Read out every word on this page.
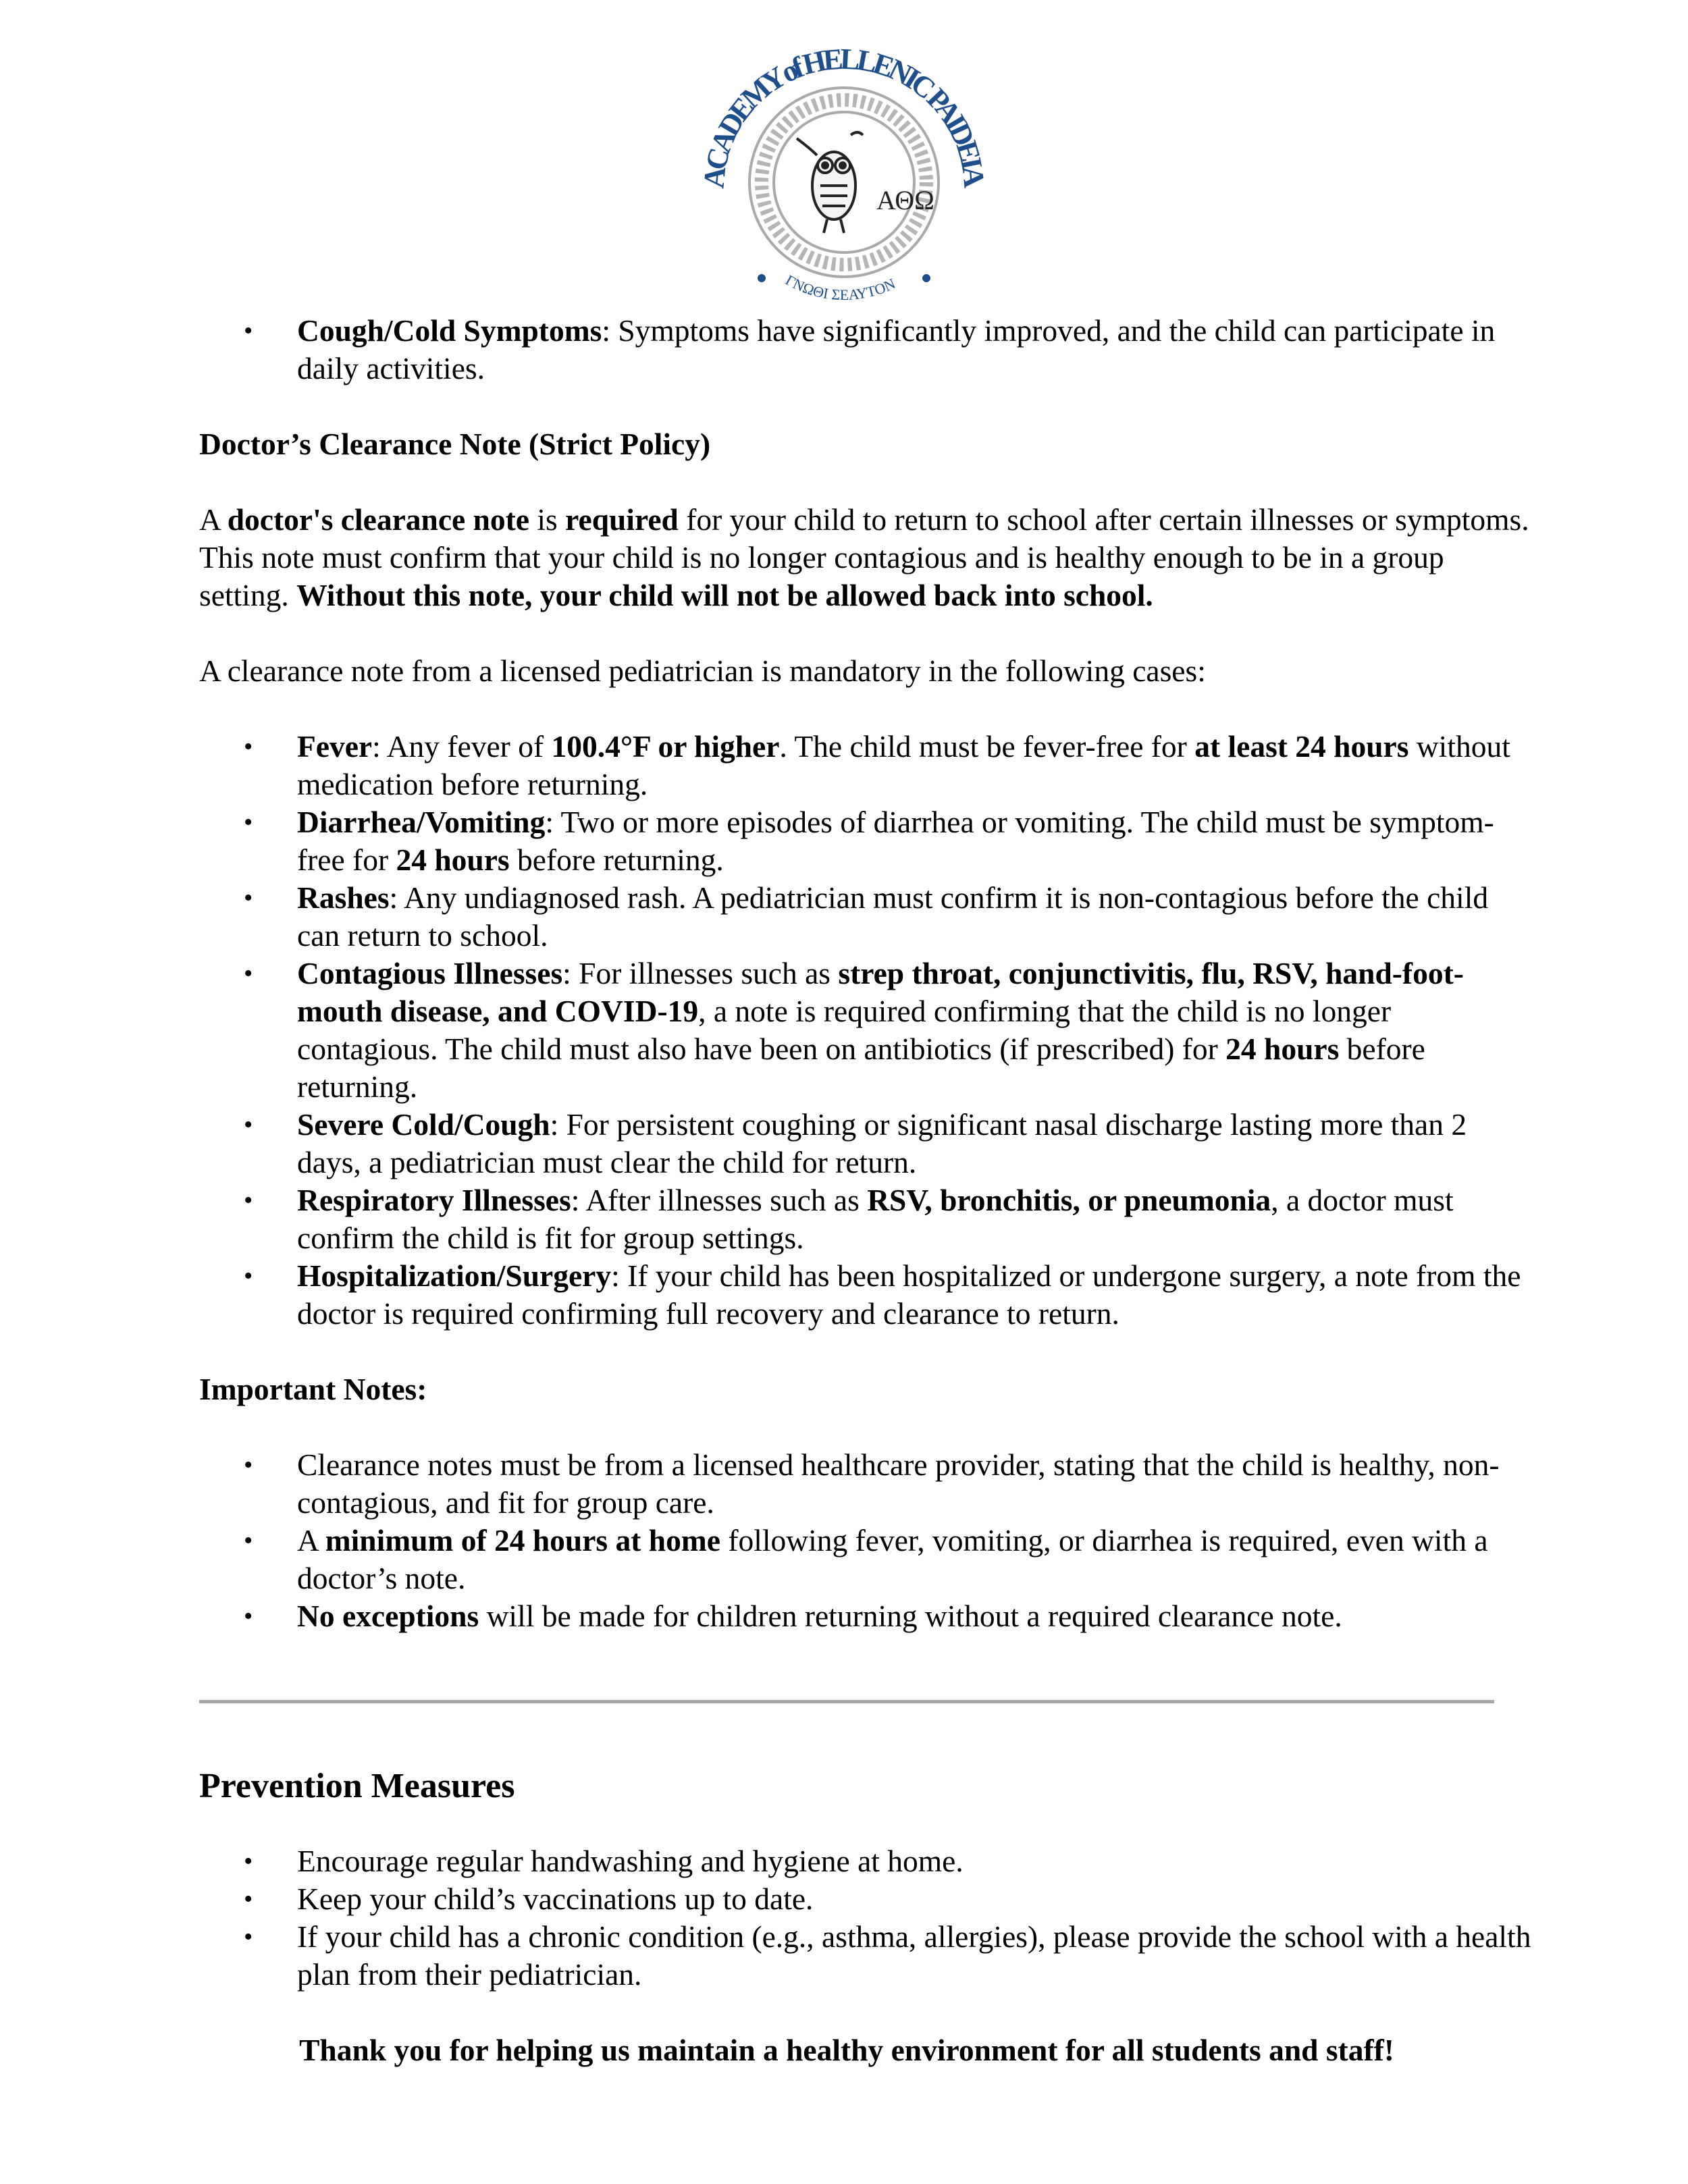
ΑΘΩ
ACADEMY of HELLENIC PAIDEIA
ΓΝΩΘΙ ΣΕΑΥΤΟΝ
• Cough/Cold Symptoms: Symptoms have significantly improved, and the child can participate in daily activities.
Doctor’s Clearance Note (Strict Policy)

A doctor's clearance note is required for your child to return to school after certain illnesses or symptoms. This note must confirm that your child is no longer contagious and is healthy enough to be in a group setting. Without this note, your child will not be allowed back into school.

A clearance note from a licensed pediatrician is mandatory in the following cases:

• Fever: Any fever of 100.4°F or higher. The child must be fever-free for at least 24 hours without medication before returning.
• Diarrhea/Vomiting: Two or more episodes of diarrhea or vomiting. The child must be symptom-free for 24 hours before returning.
• Rashes: Any undiagnosed rash. A pediatrician must confirm it is non-contagious before the child can return to school.
• Contagious Illnesses: For illnesses such as strep throat, conjunctivitis, flu, RSV, hand-foot-mouth disease, and COVID-19, a note is required confirming that the child is no longer contagious. The child must also have been on antibiotics (if prescribed) for 24 hours before returning.
• Severe Cold/Cough: For persistent coughing or significant nasal discharge lasting more than 2 days, a pediatrician must clear the child for return.
• Respiratory Illnesses: After illnesses such as RSV, bronchitis, or pneumonia, a doctor must confirm the child is fit for group settings.
• Hospitalization/Surgery: If your child has been hospitalized or undergone surgery, a note from the doctor is required confirming full recovery and clearance to return.
Important Notes:
• Clearance notes must be from a licensed healthcare provider, stating that the child is healthy, non-contagious, and fit for group care.
• A minimum of 24 hours at home following fever, vomiting, or diarrhea is required, even with a doctor’s note.
• No exceptions will be made for children returning without a required clearance note.
Prevention Measures
• Encourage regular handwashing and hygiene at home.
• Keep your child’s vaccinations up to date.
• If your child has a chronic condition (e.g., asthma, allergies), please provide the school with a health plan from their pediatrician.

Thank you for helping us maintain a healthy environment for all students and staff!
